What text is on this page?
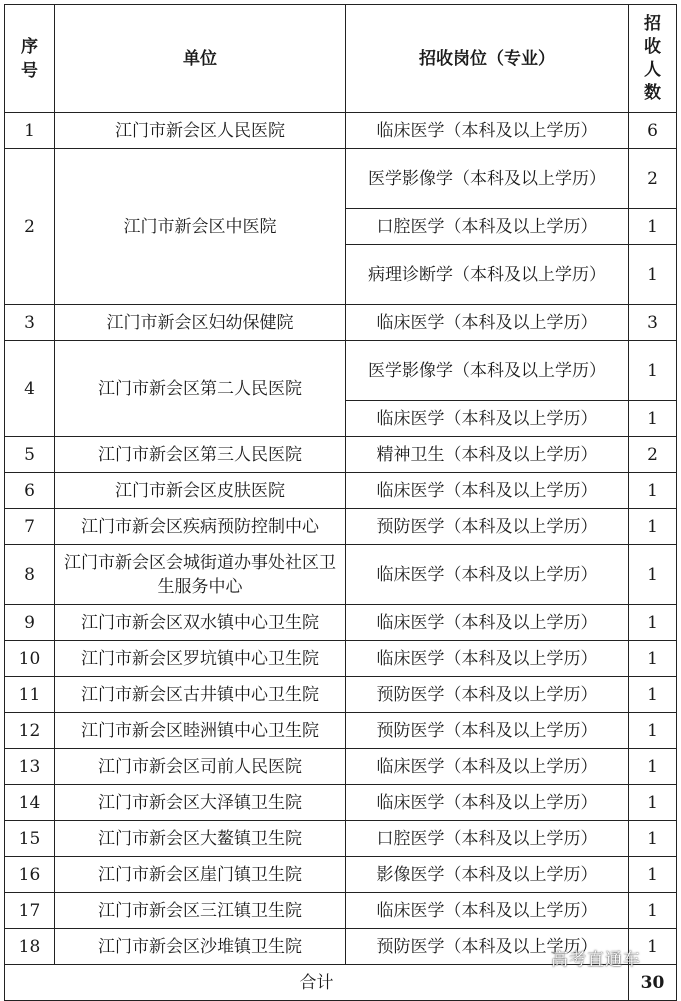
序号	单位	招收岗位（专业）	招收人数
1	江门市新会区人民医院	临床医学（本科及以上学历）	6
2	江门市新会区中医院	医学影像学（本科及以上学历）	2
		口腔医学（本科及以上学历）	1
		病理诊断学（本科及以上学历）	1
3	江门市新会区妇幼保健院	临床医学（本科及以上学历）	3
4	江门市新会区第二人民医院	医学影像学（本科及以上学历）	1
		临床医学（本科及以上学历）	1
5	江门市新会区第三人民医院	精神卫生（本科及以上学历）	2
6	江门市新会区皮肤医院	临床医学（本科及以上学历）	1
7	江门市新会区疾病预防控制中心	预防医学（本科及以上学历）	1
8	江门市新会区会城街道办事处社区卫生服务中心	临床医学（本科及以上学历）	1
9	江门市新会区双水镇中心卫生院	临床医学（本科及以上学历）	1
10	江门市新会区罗坑镇中心卫生院	临床医学（本科及以上学历）	1
11	江门市新会区古井镇中心卫生院	预防医学（本科及以上学历）	1
12	江门市新会区睦洲镇中心卫生院	预防医学（本科及以上学历）	1
13	江门市新会区司前人民医院	临床医学（本科及以上学历）	1
14	江门市新会区大泽镇卫生院	临床医学（本科及以上学历）	1
15	江门市新会区大鳌镇卫生院	口腔医学（本科及以上学历）	1
16	江门市新会区崖门镇卫生院	影像医学（本科及以上学历）	1
17	江门市新会区三江镇卫生院	临床医学（本科及以上学历）	1
18	江门市新会区沙堆镇卫生院	预防医学（本科及以上学历）	1
合计			30
高考直通车
